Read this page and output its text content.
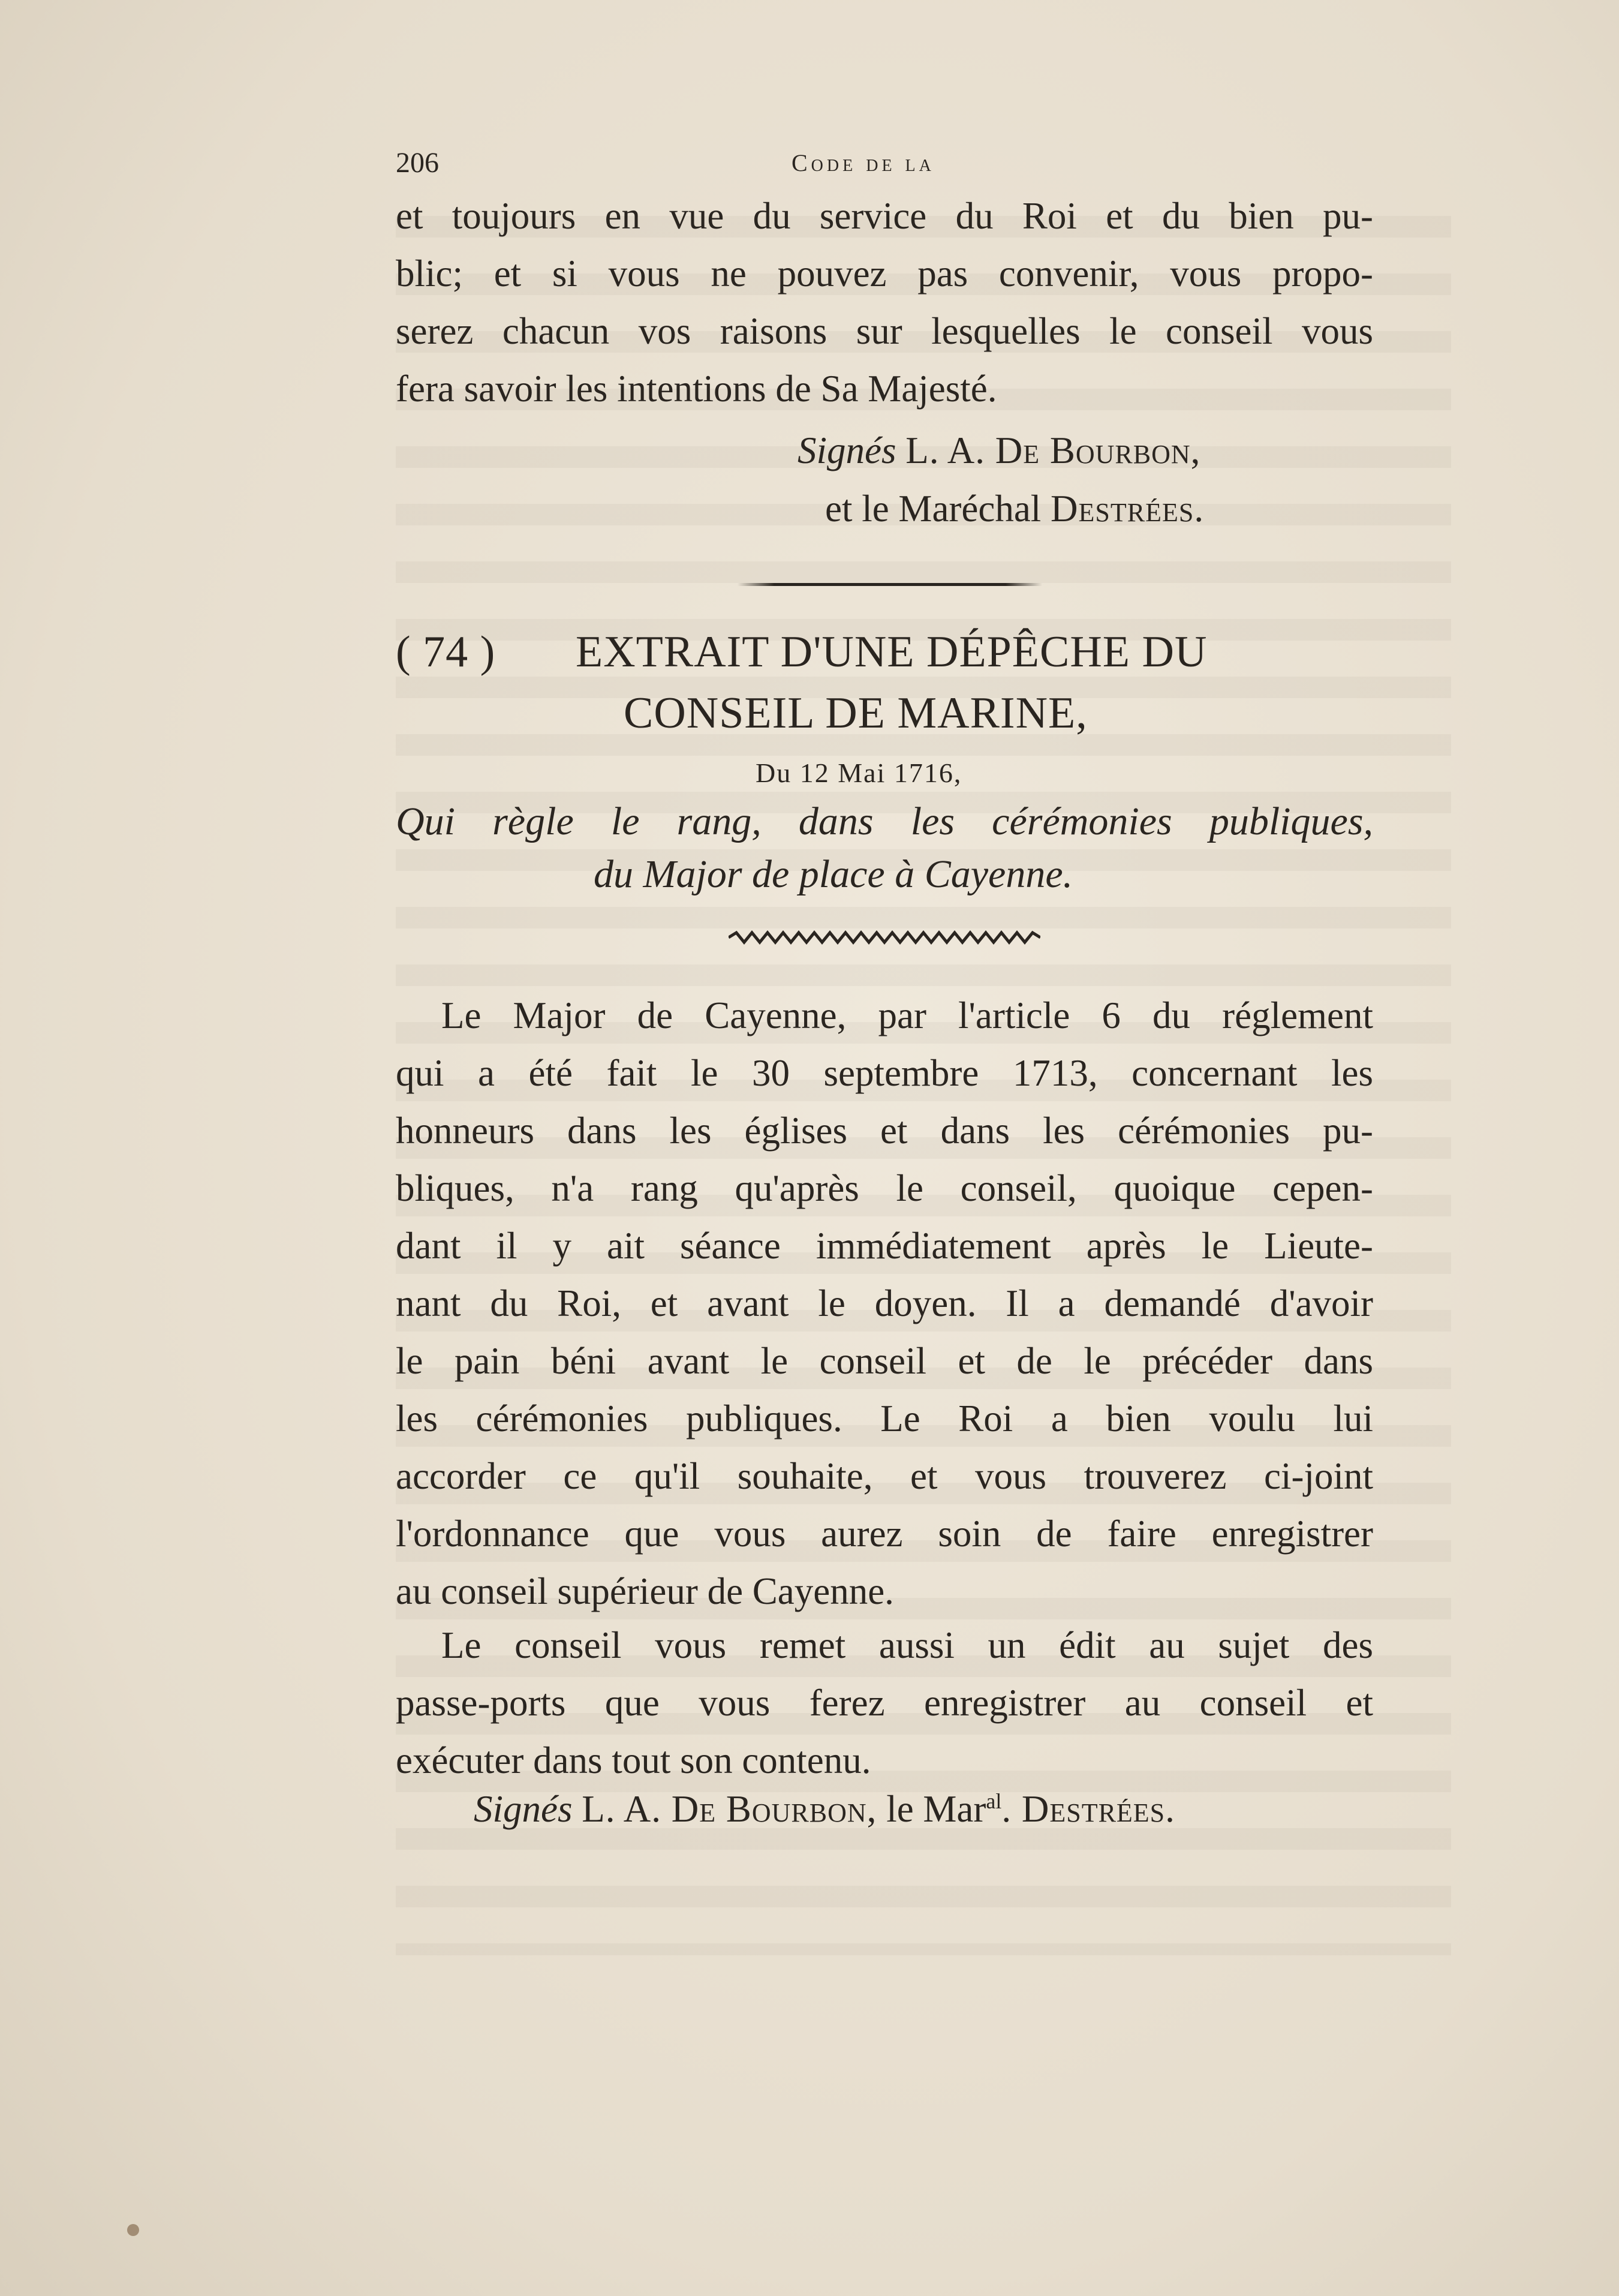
206	Code de la
et toujours en vue du service du Roi et du bien pu-
blic; et si vous ne pouvez pas convenir, vous propo-
serez chacun vos raisons sur lesquelles le conseil vous
fera savoir les intentions de Sa Majesté.
Signés L. A. De Bourbon,
et le Maréchal Destrées.
( 74 ) EXTRAIT D'UNE DÉPÊCHE DU
CONSEIL DE MARINE,
Du 12 Mai 1716,
Qui règle le rang, dans les cérémonies publiques,
du Major de place à Cayenne.
Le Major de Cayenne, par l'article 6 du réglement
qui a été fait le 30 septembre 1713, concernant les
honneurs dans les églises et dans les cérémonies pu-
bliques, n'a rang qu'après le conseil, quoique cepen-
dant il y ait séance immédiatement après le Lieute-
nant du Roi, et avant le doyen. Il a demandé d'avoir
le pain béni avant le conseil et de le précéder dans
les cérémonies publiques. Le Roi a bien voulu lui
accorder ce qu'il souhaite, et vous trouverez ci-joint
l'ordonnance que vous aurez soin de faire enregistrer
au conseil supérieur de Cayenne.
Le conseil vous remet aussi un édit au sujet des
passe-ports que vous ferez enregistrer au conseil et
exécuter dans tout son contenu.
Signés L. A. De Bourbon, le Mar$^{al}$. Destrées.
